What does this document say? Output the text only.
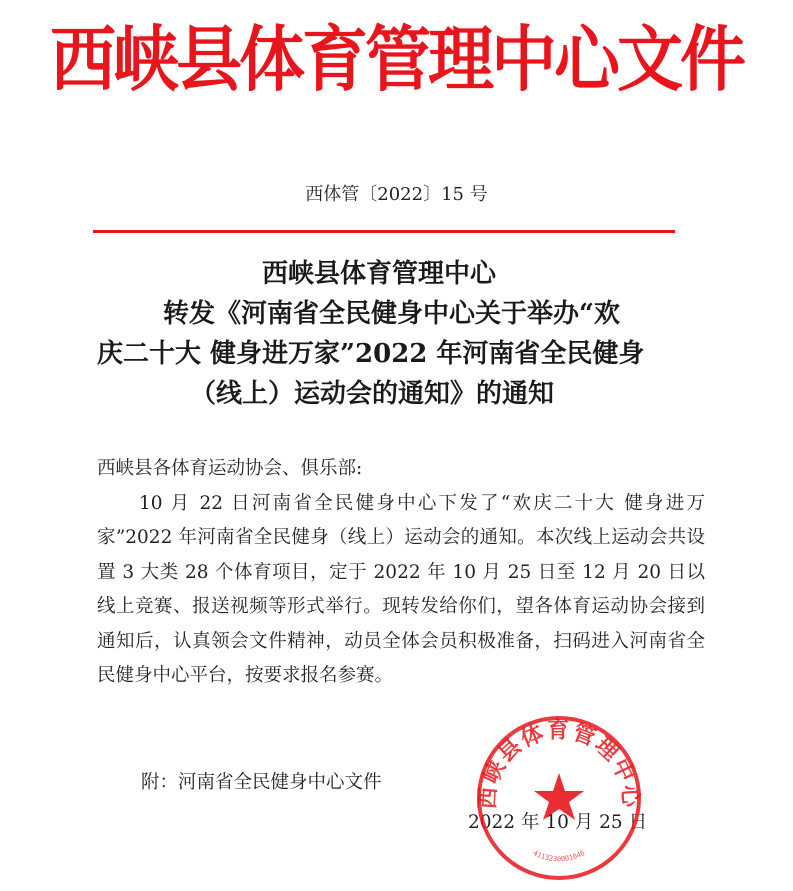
西峡县体育管理中心文件
西体管〔2022〕15 号
西峡县体育管理中心
转发《河南省全民健身中心关于举办“欢
庆二十大 健身进万家”2022 年河南省全民健身
（线上）运动会的通知》的通知

西峡县各体育运动协会、俱乐部:

10 月 22 日河南省全民健身中心下发了“欢庆二十大 健身进万家”2022 年河南省全民健身（线上）运动会的通知。本次线上运动会共设置 3 大类 28 个体育项目，定于 2022 年 10 月 25 日至 12 月 20 日以线上竞赛、报送视频等形式举行。现转发给你们，望各体育运动协会接到通知后，认真领会文件精神，动员全体会员积极准备，扫码进入河南省全民健身中心平台，按要求报名参赛。

附：河南省全民健身中心文件
2022 年 10 月 25 日
西峡县体育管理中心
4113230001046
